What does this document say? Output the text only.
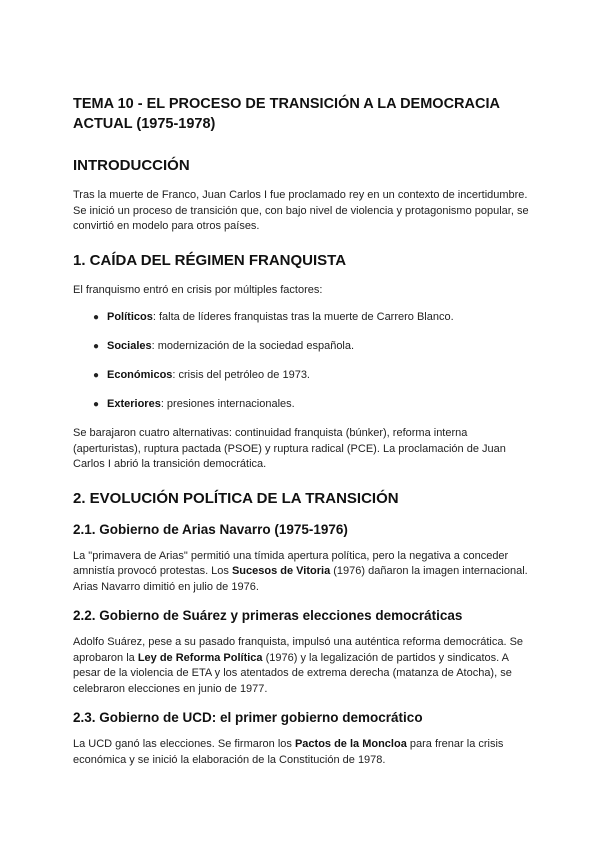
TEMA 10 - EL PROCESO DE TRANSICIÓN A LA DEMOCRACIA ACTUAL (1975-1978)
INTRODUCCIÓN

Tras la muerte de Franco, Juan Carlos I fue proclamado rey en un contexto de incertidumbre. Se inició un proceso de transición que, con bajo nivel de violencia y protagonismo popular, se convirtió en modelo para otros países.

1. CAÍDA DEL RÉGIMEN FRANQUISTA

El franquismo entró en crisis por múltiples factores:

● Políticos: falta de líderes franquistas tras la muerte de Carrero Blanco.
● Sociales: modernización de la sociedad española.
● Económicos: crisis del petróleo de 1973.
● Exteriores: presiones internacionales.

Se barajaron cuatro alternativas: continuidad franquista (búnker), reforma interna (aperturistas), ruptura pactada (PSOE) y ruptura radical (PCE). La proclamación de Juan Carlos I abrió la transición democrática.

2. EVOLUCIÓN POLÍTICA DE LA TRANSICIÓN
2.1. Gobierno de Arias Navarro (1975-1976)

La "primavera de Arias" permitió una tímida apertura política, pero la negativa a conceder amnistía provocó protestas. Los Sucesos de Vitoria (1976) dañaron la imagen internacional. Arias Navarro dimitió en julio de 1976.

2.2. Gobierno de Suárez y primeras elecciones democráticas

Adolfo Suárez, pese a su pasado franquista, impulsó una auténtica reforma democrática. Se aprobaron la Ley de Reforma Política (1976) y la legalización de partidos y sindicatos. A pesar de la violencia de ETA y los atentados de extrema derecha (matanza de Atocha), se celebraron elecciones en junio de 1977.

2.3. Gobierno de UCD: el primer gobierno democrático

La UCD ganó las elecciones. Se firmaron los Pactos de la Moncloa para frenar la crisis económica y se inició la elaboración de la Constitución de 1978.
